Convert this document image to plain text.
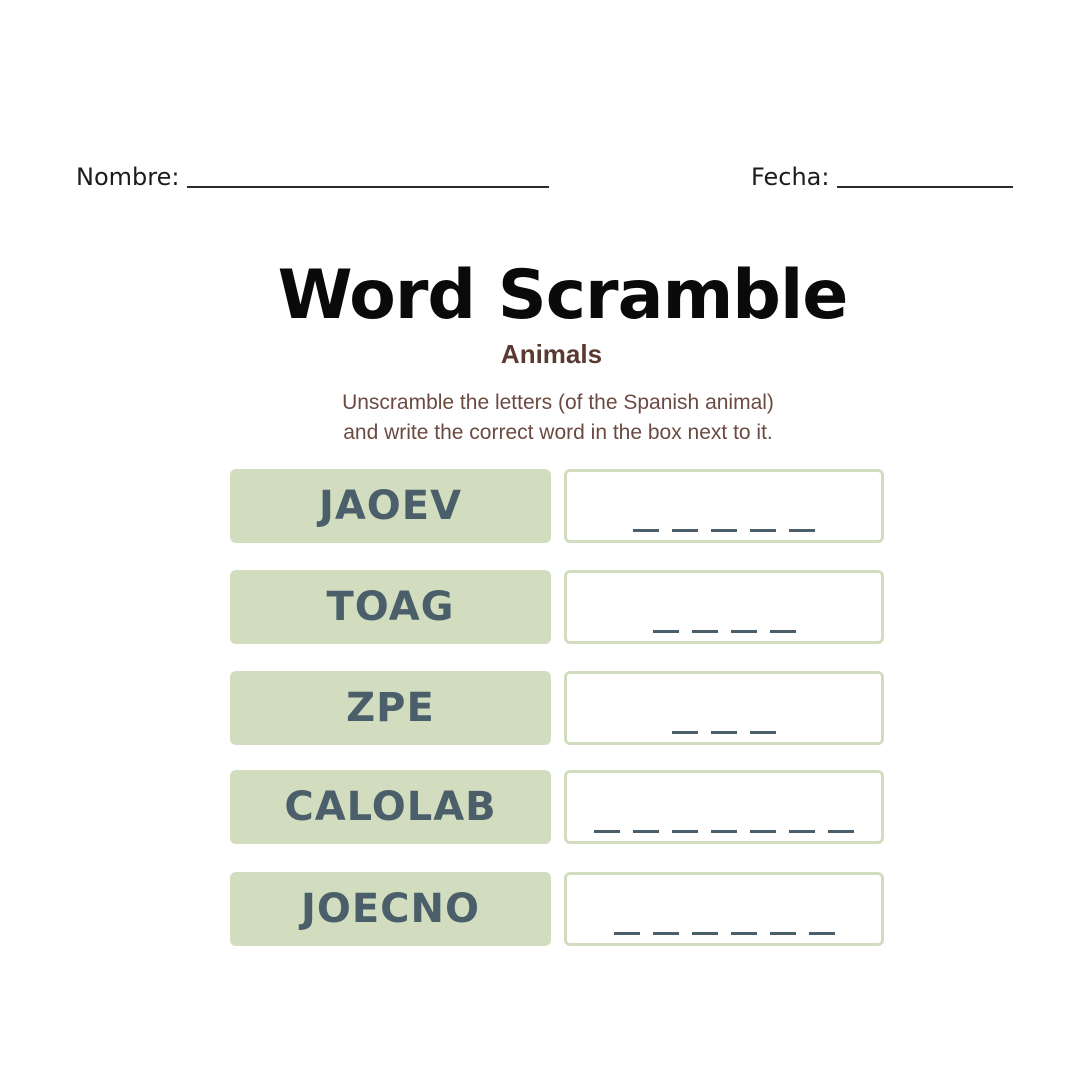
Nombre:	Fecha:
Word Scramble
Animals
Unscramble the letters (of the Spanish animal)
and write the correct word in the box next to it.
JAOEV
TOAG
ZPE
CALOLAB
JOECNO
